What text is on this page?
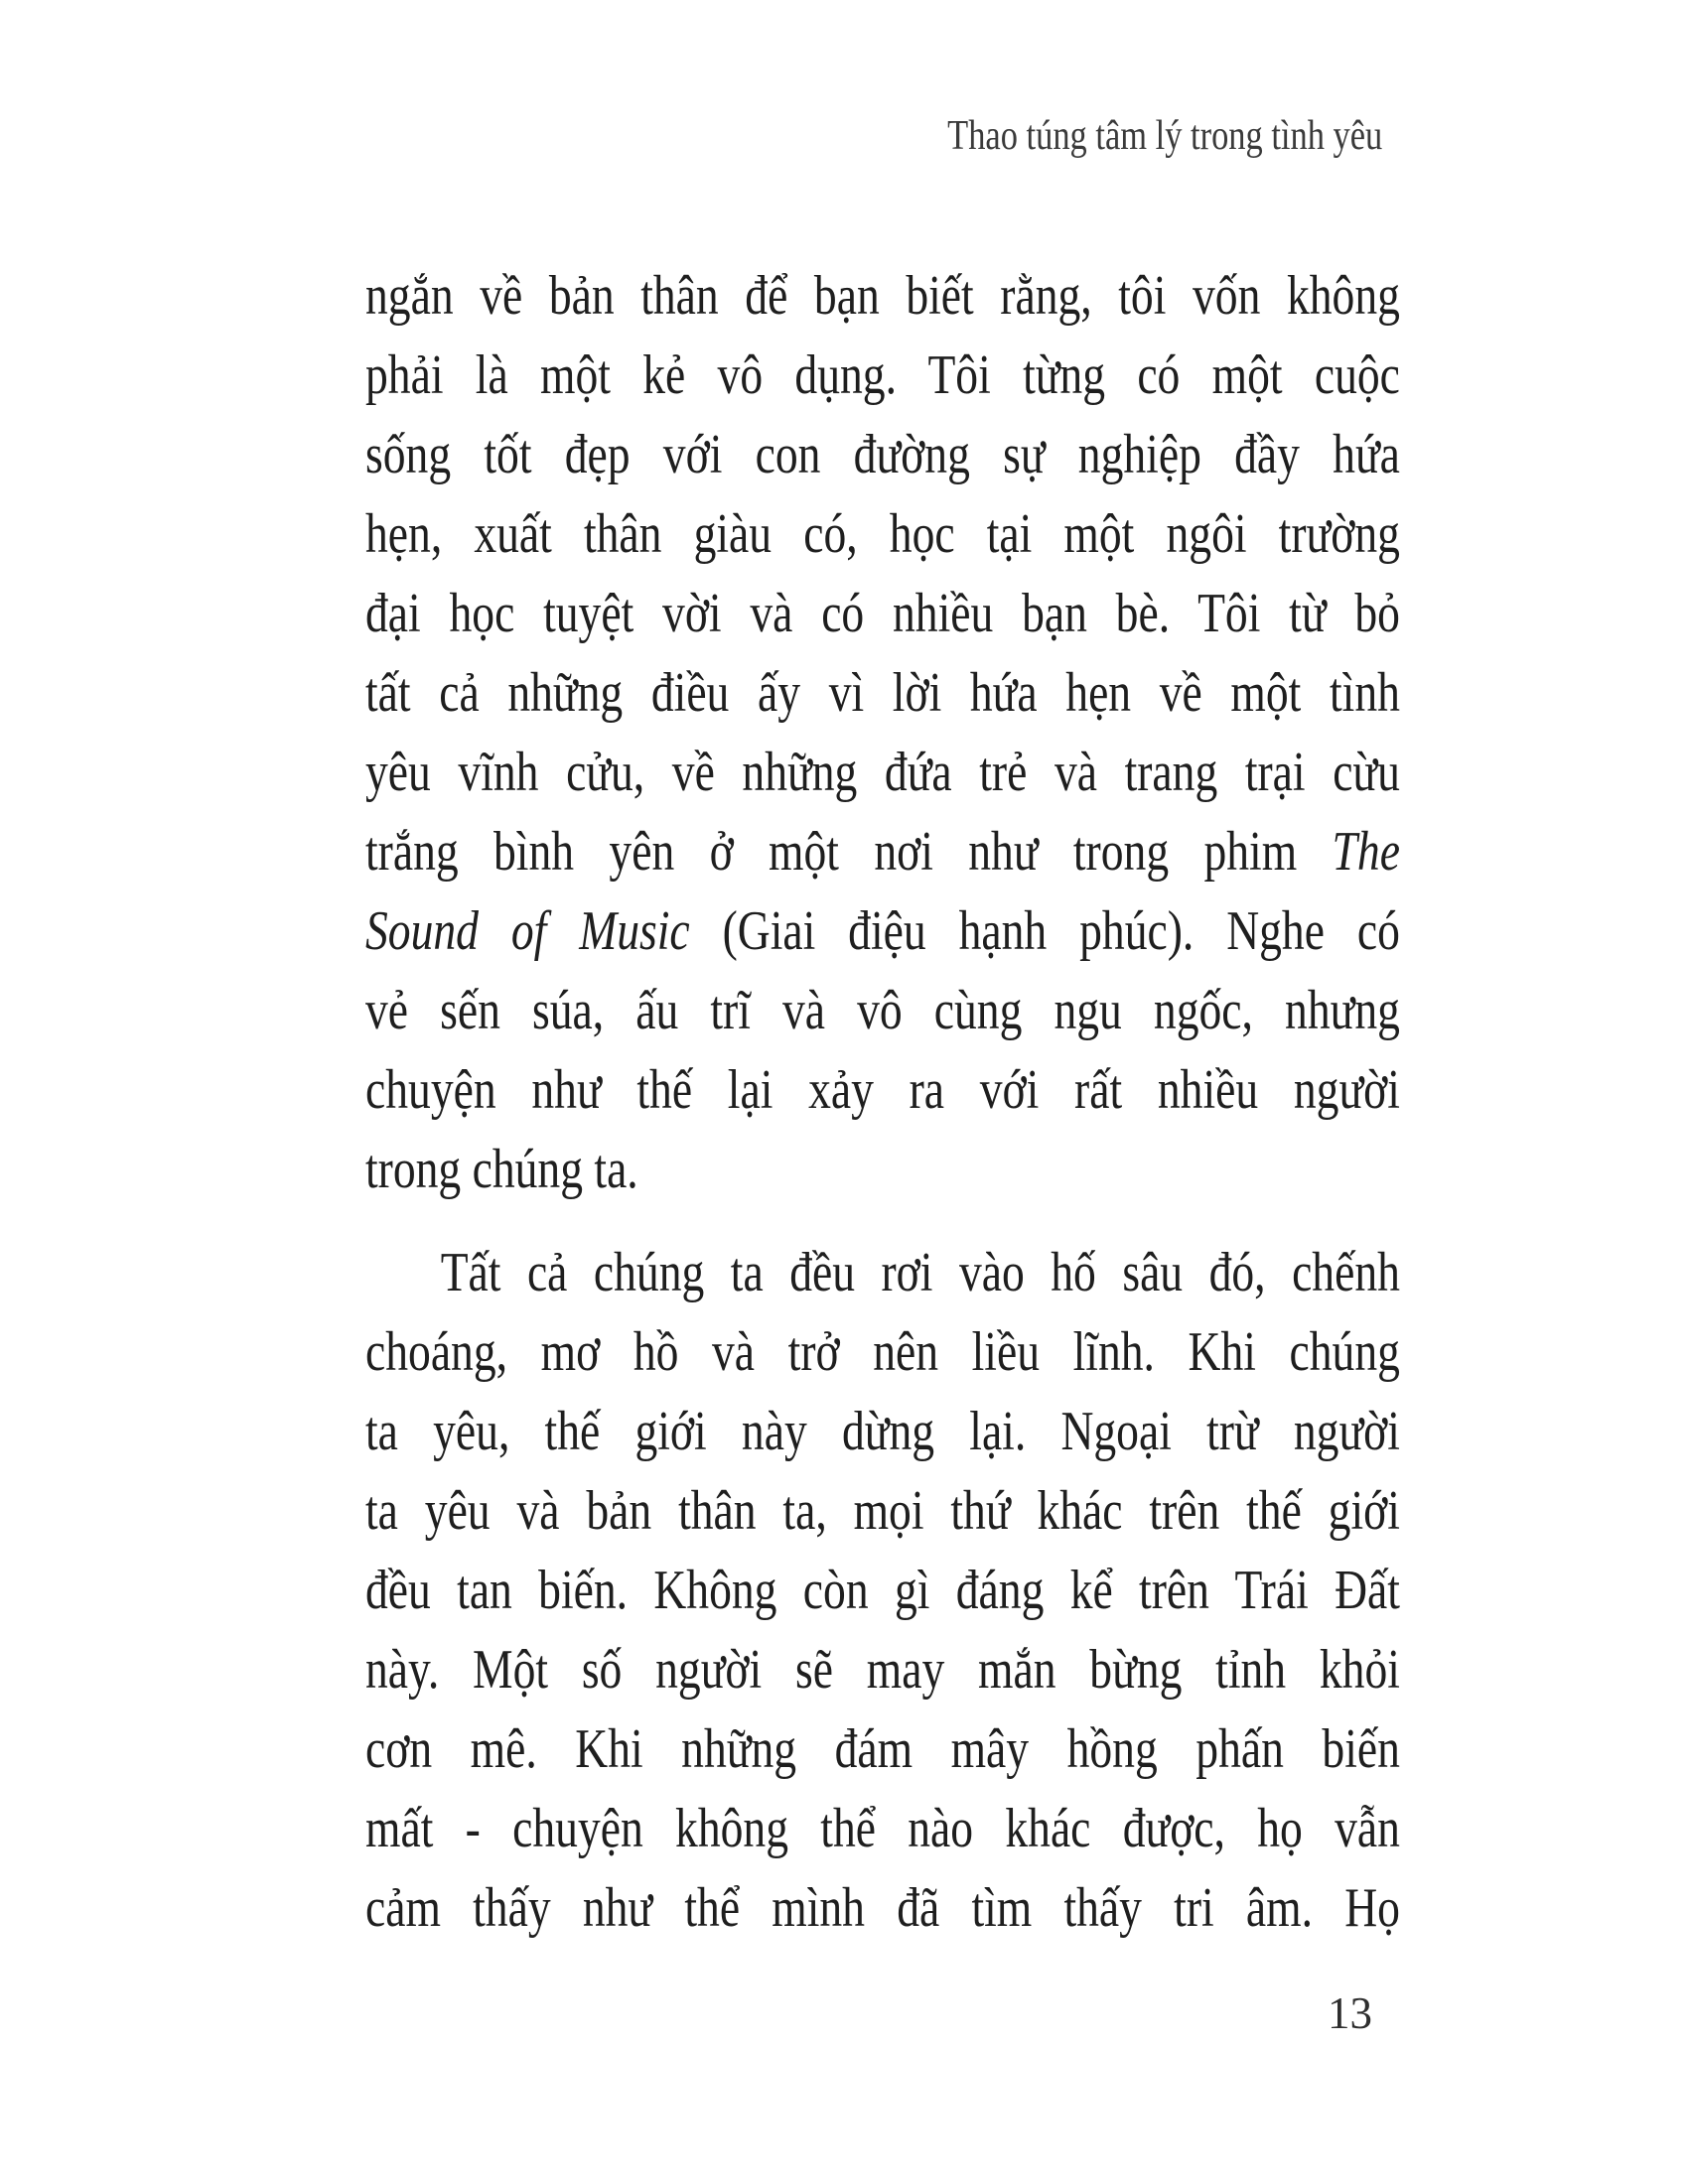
Thao túng tâm lý trong tình yêu
ngắn về bản thân để bạn biết rằng, tôi vốn không
phải là một kẻ vô dụng. Tôi từng có một cuộc
sống tốt đẹp với con đường sự nghiệp đầy hứa
hẹn, xuất thân giàu có, học tại một ngôi trường
đại học tuyệt vời và có nhiều bạn bè. Tôi từ bỏ
tất cả những điều ấy vì lời hứa hẹn về một tình
yêu vĩnh cửu, về những đứa trẻ và trang trại cừu
trắng bình yên ở một nơi như trong phim The
Sound of Music (Giai điệu hạnh phúc). Nghe có
vẻ sến súa, ấu trĩ và vô cùng ngu ngốc, nhưng
chuyện như thế lại xảy ra với rất nhiều người
trong chúng ta.
Tất cả chúng ta đều rơi vào hố sâu đó, chếnh
choáng, mơ hồ và trở nên liều lĩnh. Khi chúng
ta yêu, thế giới này dừng lại. Ngoại trừ người
ta yêu và bản thân ta, mọi thứ khác trên thế giới
đều tan biến. Không còn gì đáng kể trên Trái Đất
này. Một số người sẽ may mắn bừng tỉnh khỏi
cơn mê. Khi những đám mây hồng phấn biến
mất - chuyện không thể nào khác được, họ vẫn
cảm thấy như thể mình đã tìm thấy tri âm. Họ
13
